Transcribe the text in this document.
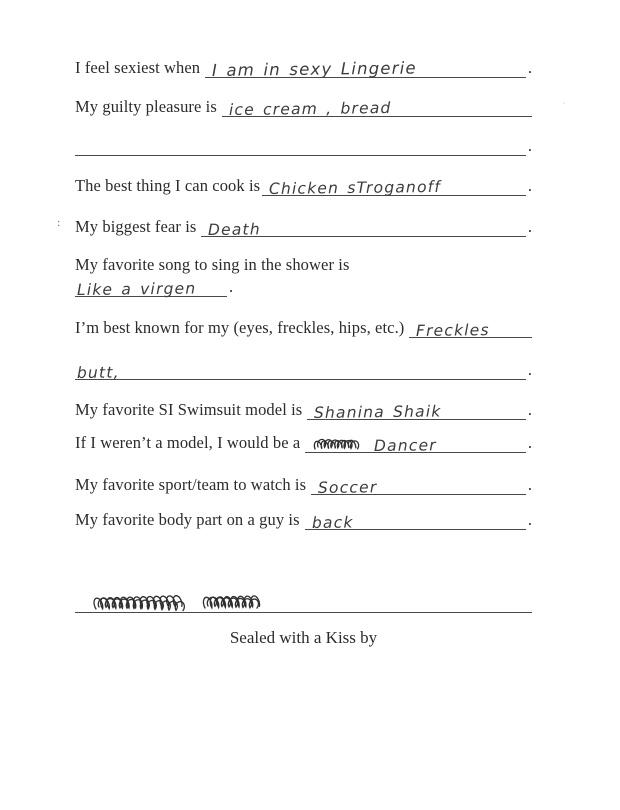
I feel sexiest when I am in sexy Lingerie	.
My guilty pleasure is ice cream , bread
.
The best thing I can cook is Chicken sTroganoff	.
My biggest fear is Death	.
My favorite song to sing in the shower is
Like a virgen .
I’m best known for my (eyes, freckles, hips, etc.) Freckles
butt,	.
My favorite SI Swimsuit model is Shanina Shaik	.
If I weren’t a model, I would be a	Dancer	.
My favorite sport/team to watch is Soccer	.
My favorite body part on a guy is back	.
Sealed with a Kiss by
:
·
